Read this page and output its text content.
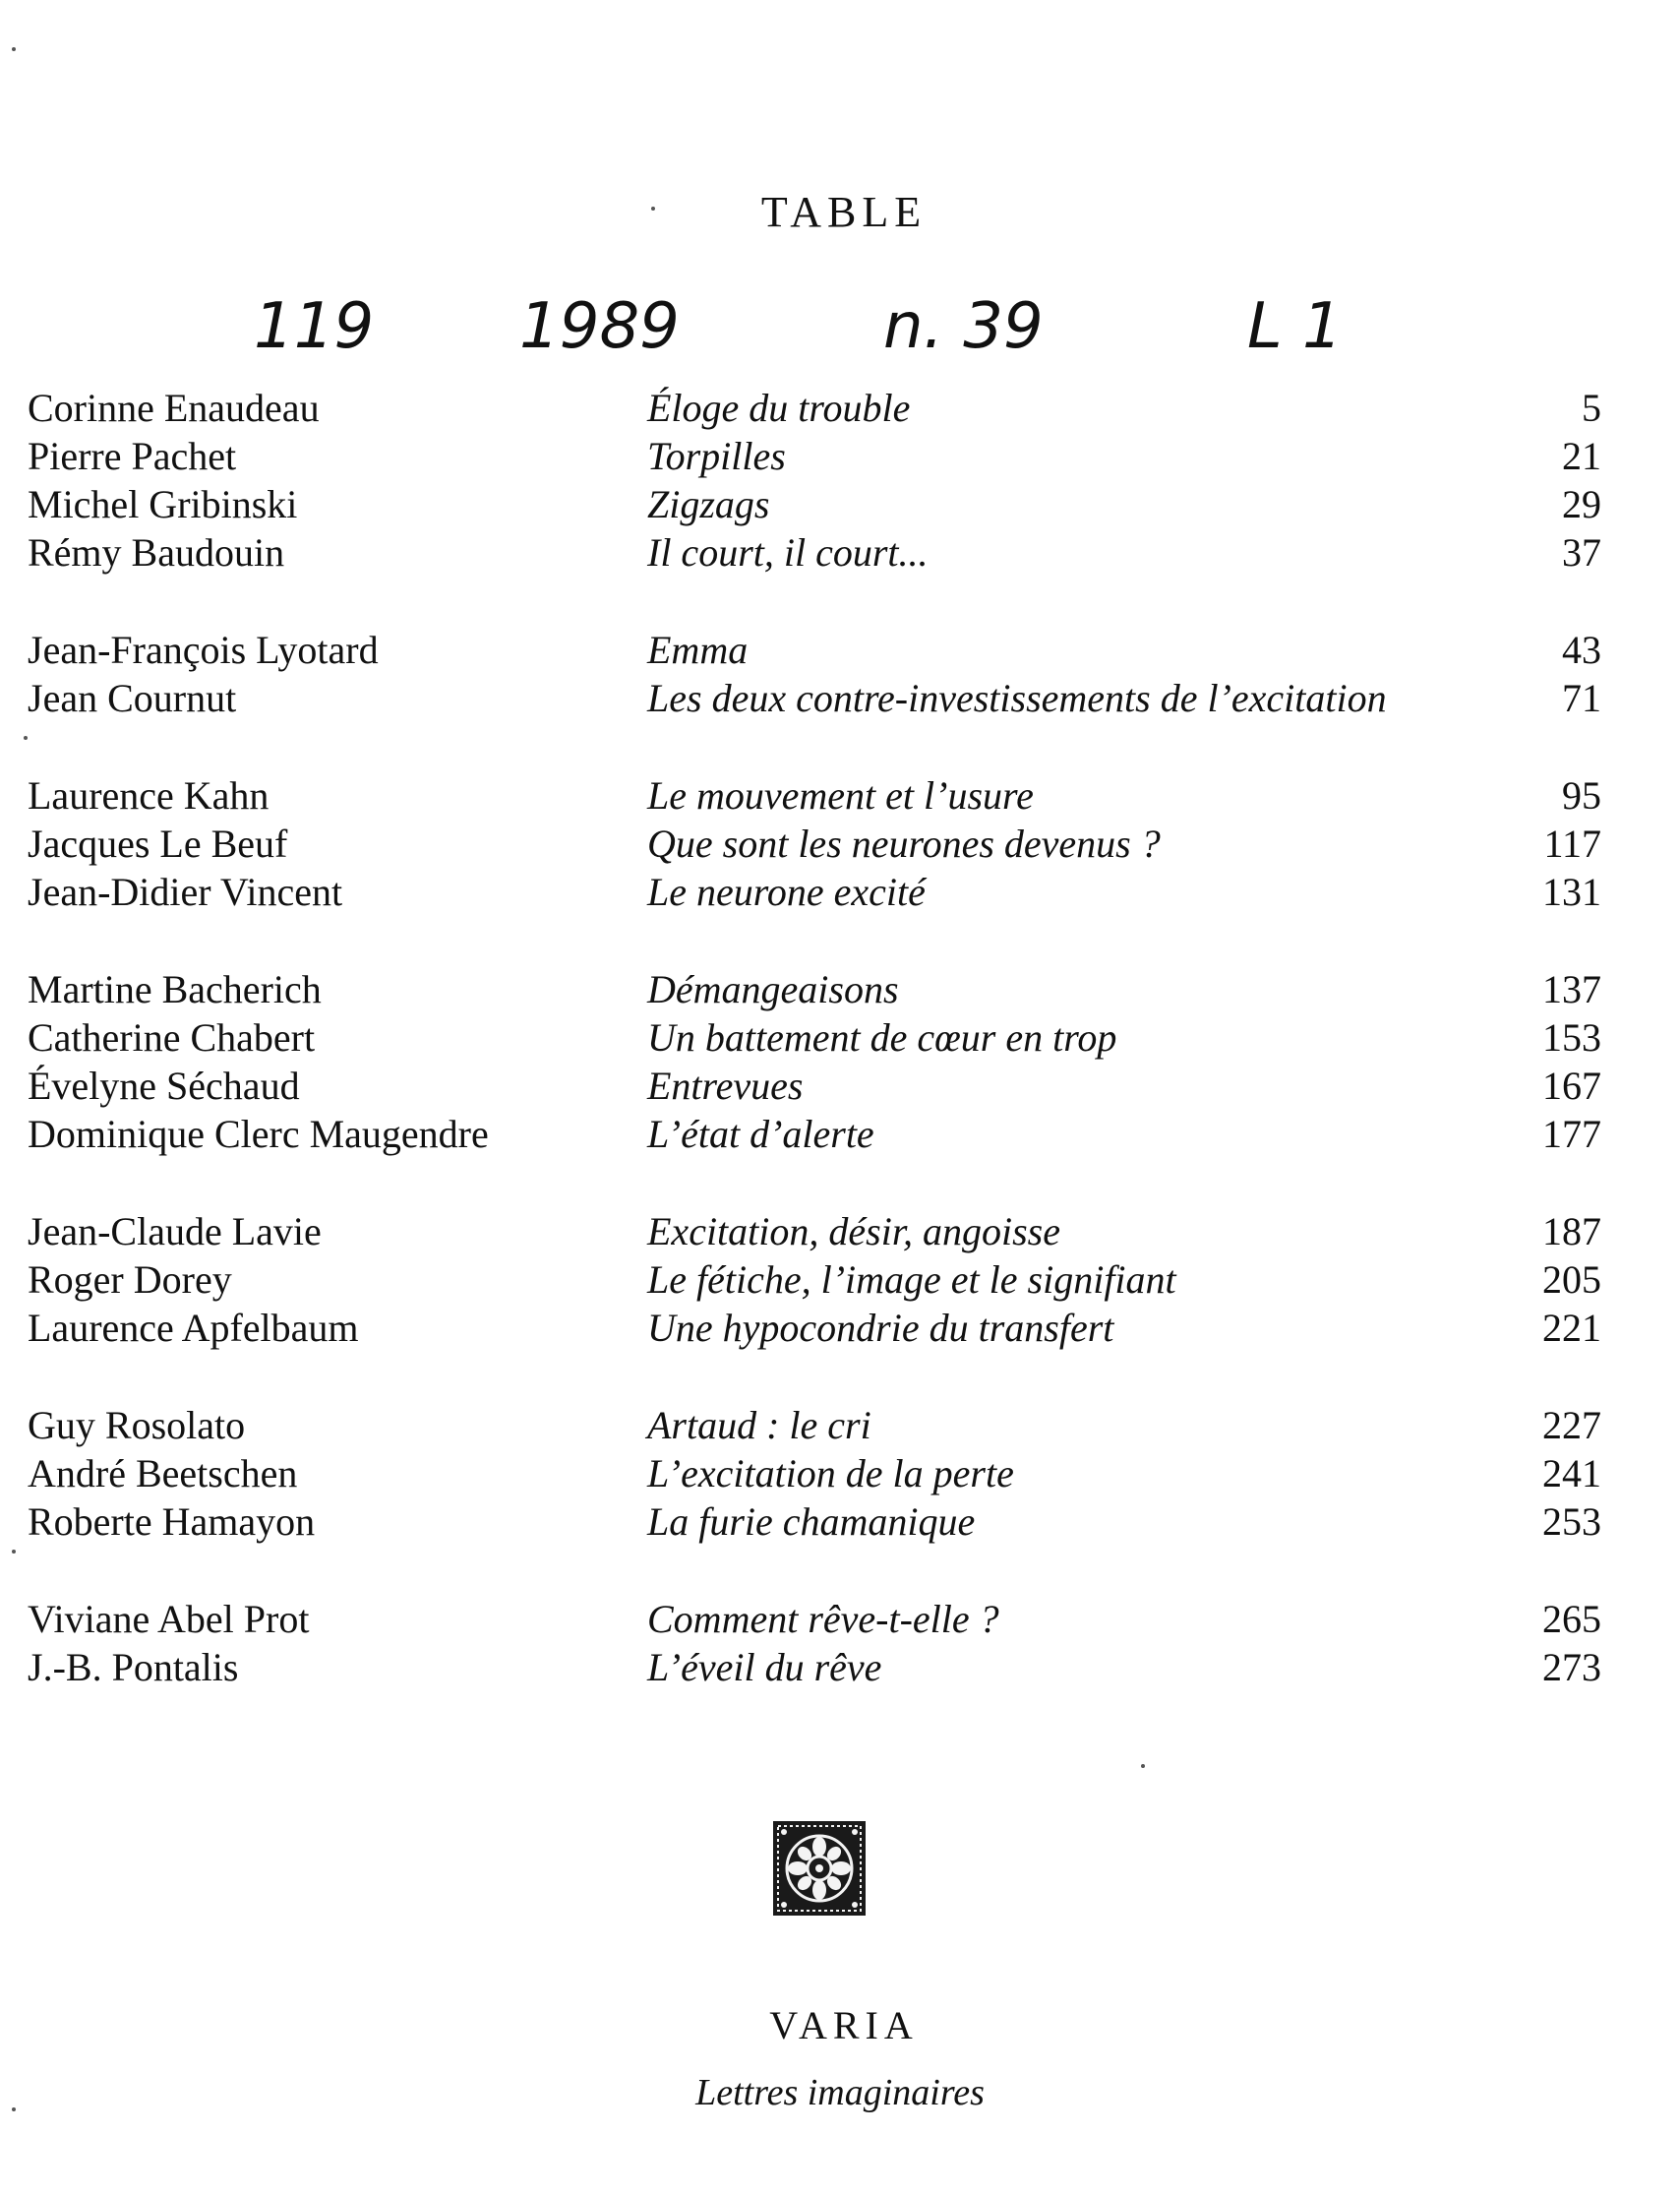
TABLE
119 1989	n. 39	L 1
Corinne Enaudeau	Éloge du trouble	5
Pierre Pachet	Torpilles	21
Michel Gribinski	Zigzags	29
Rémy Baudouin	Il court, il court...	37
Jean-François Lyotard	Emma	43
Jean Cournut	Les deux contre-investissements de l’excitation	71
Laurence Kahn	Le mouvement et l’usure	95
Jacques Le Beuf	Que sont les neurones devenus ?	117
Jean-Didier Vincent	Le neurone excité	131
Martine Bacherich	Démangeaisons	137
Catherine Chabert	Un battement de cœur en trop	153
Évelyne Séchaud	Entrevues	167
Dominique Clerc Maugendre	L’état d’alerte	177
Jean-Claude Lavie	Excitation, désir, angoisse	187
Roger Dorey	Le fétiche, l’image et le signifiant	205
Laurence Apfelbaum	Une hypocondrie du transfert	221
Guy Rosolato	Artaud : le cri	227
André Beetschen	L’excitation de la perte	241
Roberte Hamayon	La furie chamanique	253
Viviane Abel Prot	Comment rêve-t-elle ?	265
J.-B. Pontalis	L’éveil du rêve	273
VARIA
Lettres imaginaires
